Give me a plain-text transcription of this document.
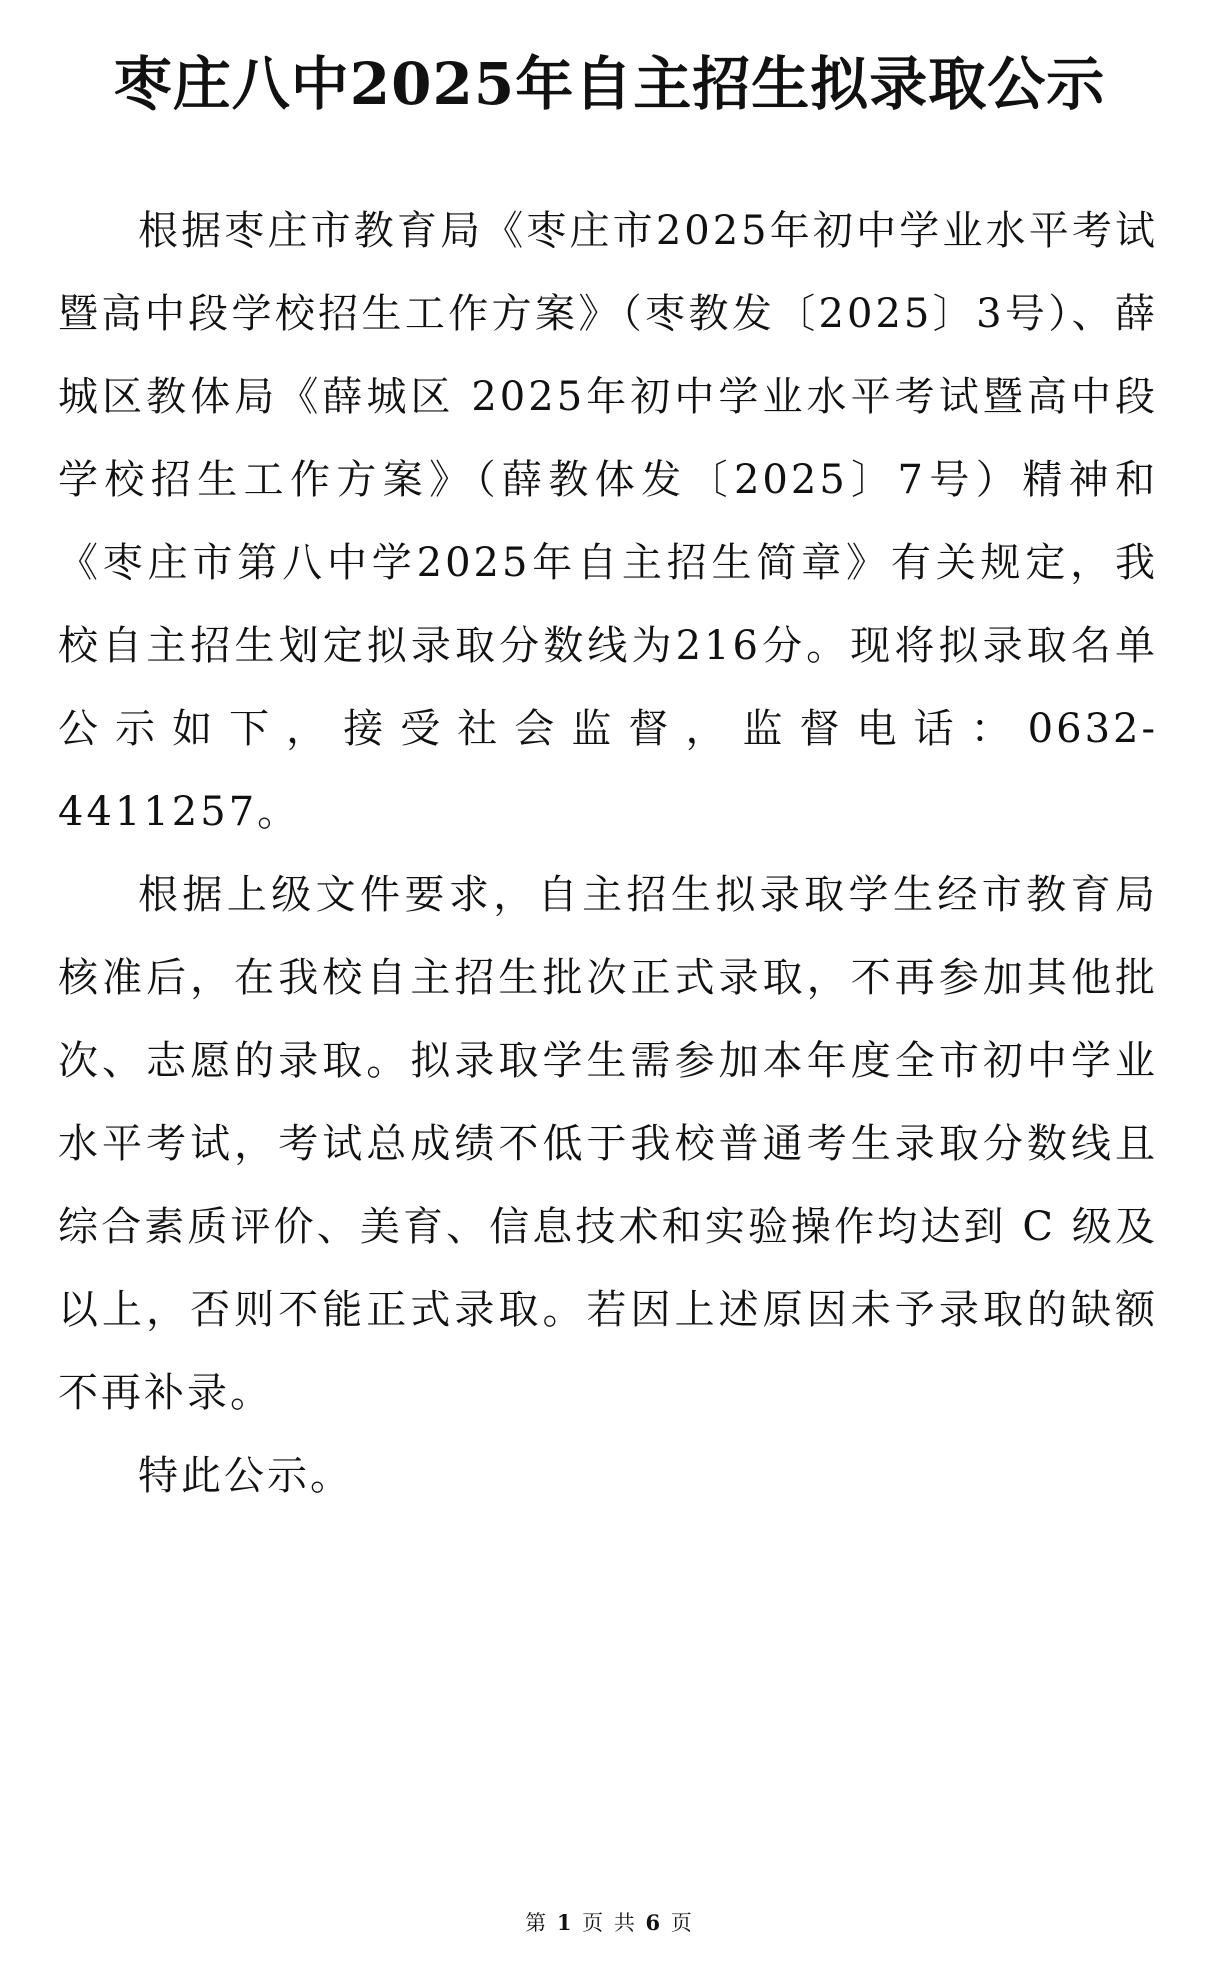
枣庄八中2025年自主招生拟录取公示

根据枣庄市教育局《枣庄市2025年初中学业水平考试暨高中段学校招生工作方案》（枣教发〔2025〕3号）、薛城区教体局《薛城区 2025年初中学业水平考试暨高中段学校招生工作方案》（薛教体发〔2025〕7号）精神和《枣庄市第八中学2025年自主招生简章》有关规定，我校自主招生划定拟录取分数线为216分。现将拟录取名单公示如下，接受社会监督，监督电话：0632-4411257。

根据上级文件要求，自主招生拟录取学生经市教育局核准后，在我校自主招生批次正式录取，不再参加其他批次、志愿的录取。拟录取学生需参加本年度全市初中学业水平考试，考试总成绩不低于我校普通考生录取分数线且综合素质评价、美育、信息技术和实验操作均达到 C 级及以上，否则不能正式录取。若因上述原因未予录取的缺额不再补录。

特此公示。

第 1 页 共 6 页
